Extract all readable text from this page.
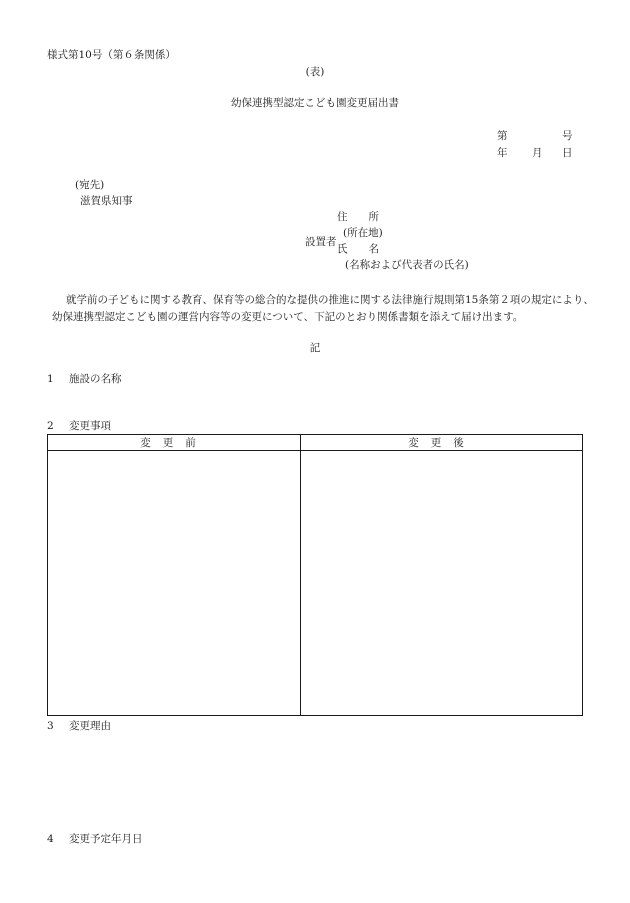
様式第10号（第６条関係）
(表)
幼保連携型認定こども園変更届出書
第	号
年 月 日
(宛先)
滋賀県知事
住　　所
(所在地)
設置者
氏　　名
(名称および代表者の氏名)
就学前の子どもに関する教育、保育等の総合的な提供の推進に関する法律施行規則第15条第２項の規定により、幼保連携型認定こども園の運営内容等の変更について、下記のとおり関係書類を添えて届け出ます。
記
1 施設の名称
2 変更事項
変更前	変更後
3 変更理由
4 変更予定年月日
